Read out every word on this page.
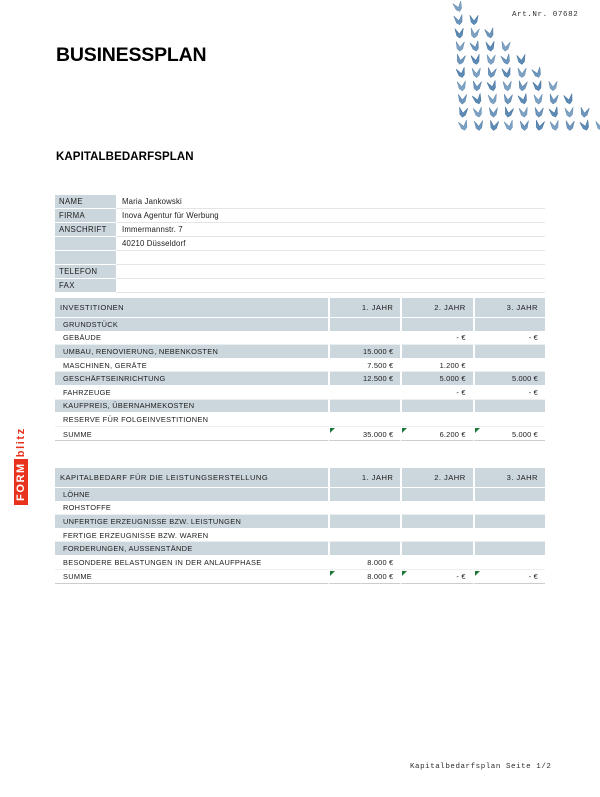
Art.Nr. 07682
BUSINESSPLAN
KAPITALBEDARFSPLAN
FORM
blitz
NAME	Maria Jankowski
FIRMA	Inova Agentur für Werbung
ANSCHRIFT	Immermannstr. 7
	40210 Düsseldorf

TELEFON	
FAX	
INVESTITIONEN	1. JAHR	2. JAHR	3. JAHR
GRUNDSTÜCK			
GEBÄUDE		- €	- €
UMBAU, RENOVIERUNG, NEBENKOSTEN	15.000 €		
MASCHINEN, GERÄTE	7.500 €	1.200 €	
GESCHÄFTSEINRICHTUNG	12.500 €	5.000 €	5.000 €
FAHRZEUGE		- €	- €
KAUFPREIS, ÜBERNAHMEKOSTEN			
RESERVE FÜR FOLGEINVESTITIONEN			
SUMME	35.000 €	6.200 €	5.000 €
KAPITALBEDARF FÜR DIE LEISTUNGSERSTELLUNG	1. JAHR	2. JAHR	3. JAHR
LÖHNE			
ROHSTOFFE			
UNFERTIGE ERZEUGNISSE BZW. LEISTUNGEN			
FERTIGE ERZEUGNISSE BZW. WAREN			
FORDERUNGEN, AUSSENSTÄNDE			
BESONDERE BELASTUNGEN IN DER ANLAUFPHASE	8.000 €		
SUMME	8.000 €	- €	- €
Kapitalbedarfsplan Seite 1/2
